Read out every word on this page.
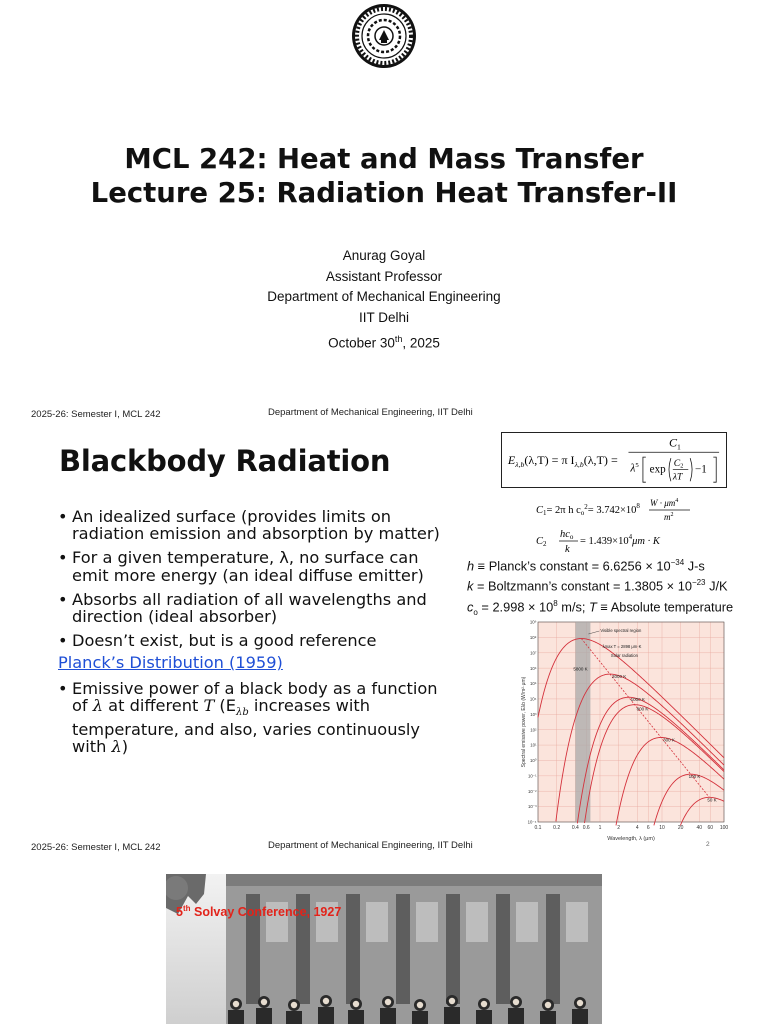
MCL 242: Heat and Mass Transfer
Lecture 25: Radiation Heat Transfer-II
Anurag Goyal
Assistant Professor
Department of Mechanical Engineering
IIT Delhi
October 30th, 2025
2025-26: Semester I, MCL 242	Department of Mechanical Engineering, IIT Delhi
Blackbody Radiation
• An idealized surface (provides limits on radiation emission and absorption by matter)
• For a given temperature, λ, no surface can emit more energy (an ideal diffuse emitter)
• Absorbs all radiation of all wavelengths and direction (ideal absorber)
• Doesn’t exist, but is a good reference
Planck’s Distribution (1959)
• Emissive power of a black body as a function of λ at different T ($E_{\lambda b}$ increases with temperature, and also, varies continuously with λ)
$E_{\lambda,b}(\lambda,T) = \pi$ $I_{\lambda,b}(\lambda,T)$ =
$C_1$
$\lambda^5$ exp
$C_2$
λT
−1
C1= 2π h $co^2= 3.742\times 10^8$ $W \cdot \mu m^4$
$m^2$
C2
hco
k
= $1.439\times 10^4\mu m \cdot K$
h ≡ Planck’s constant = $6.6256 \times 10^{-34}$ J-s
k = Boltzmann’s constant = $1.3805 \times 10^{-23}$ J/K
$c_o = 2.998 \times 10^8$ m/s; T ≡ Absolute temperature
0.1 0.2 0.4 0.6 1	2	4 6 10	20	40 60 100
10⁻⁴
10⁻³
10⁻²
10⁻¹
10⁰
10¹
10²
10³
10⁴
10⁵
10⁶
10⁷
10⁸
10⁹
5800 K
2000 K
1000 K
800 K
300 K
100 K
50 K
Visible spectral region
λmax T = 2898 μm·K
Solar radiation
Wavelength, λ (μm)
Spectral emissive power, Eλb (W/m²·μm)
2
2025-26: Semester I, MCL 242	Department of Mechanical Engineering, IIT Delhi
5th Solvay Conference, 1927
